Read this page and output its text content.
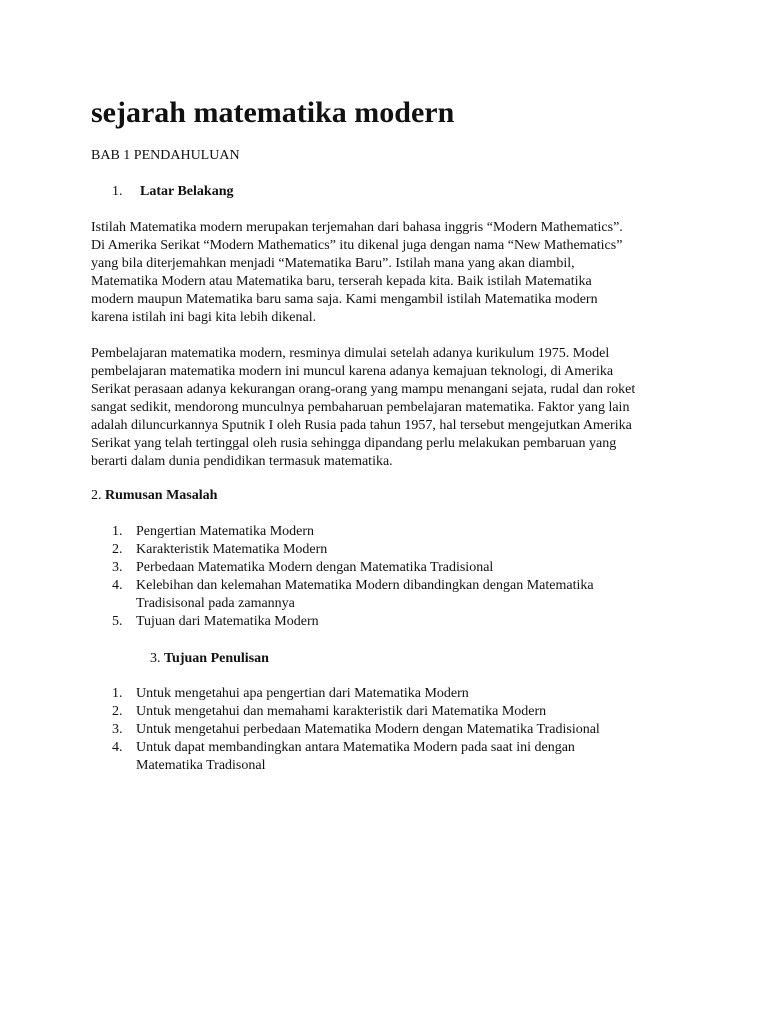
sejarah matematika modern
BAB 1 PENDAHULUAN
1. Latar Belakang
Istilah Matematika modern merupakan terjemahan dari bahasa inggris “Modern Mathematics”.
Di Amerika Serikat “Modern Mathematics” itu dikenal juga dengan nama “New Mathematics”
yang bila diterjemahkan menjadi “Matematika Baru”. Istilah mana yang akan diambil,
Matematika Modern atau Matematika baru, terserah kepada kita. Baik istilah Matematika
modern maupun Matematika baru sama saja. Kami mengambil istilah Matematika modern
karena istilah ini bagi kita lebih dikenal.
Pembelajaran matematika modern, resminya dimulai setelah adanya kurikulum 1975. Model
pembelajaran matematika modern ini muncul karena adanya kemajuan teknologi, di Amerika
Serikat perasaan adanya kekurangan orang-orang yang mampu menangani sejata, rudal dan roket
sangat sedikit, mendorong munculnya pembaharuan pembelajaran matematika. Faktor yang lain
adalah diluncurkannya Sputnik I oleh Rusia pada tahun 1957, hal tersebut mengejutkan Amerika
Serikat yang telah tertinggal oleh rusia sehingga dipandang perlu melakukan pembaruan yang
berarti dalam dunia pendidikan termasuk matematika.
2. Rumusan Masalah
1. Pengertian Matematika Modern
2. Karakteristik Matematika Modern
3. Perbedaan Matematika Modern dengan Matematika Tradisional
4. Kelebihan dan kelemahan Matematika Modern dibandingkan dengan Matematika
Tradisisonal pada zamannya
5. Tujuan dari Matematika Modern
3. Tujuan Penulisan
1. Untuk mengetahui apa pengertian dari Matematika Modern
2. Untuk mengetahui dan memahami karakteristik dari Matematika Modern
3. Untuk mengetahui perbedaan Matematika Modern dengan Matematika Tradisional
4. Untuk dapat membandingkan antara Matematika Modern pada saat ini dengan
Matematika Tradisonal
